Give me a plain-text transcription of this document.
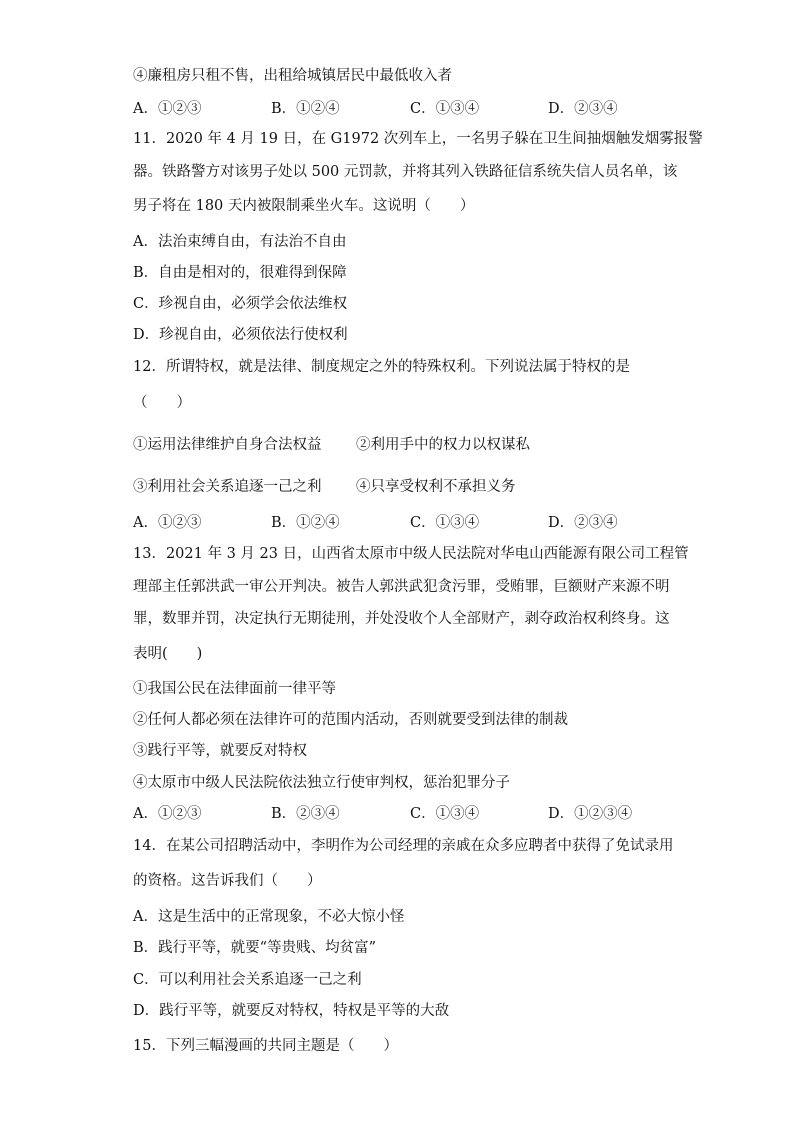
④廉租房只租不售，出租给城镇居民中最低收入者
A．①②③	B．①②④	C．①③④	D．②③④
11．2020 年 4 月 19 日，在 G1972 次列车上，一名男子躲在卫生间抽烟触发烟雾报警
器。铁路警方对该男子处以 500 元罚款，并将其列入铁路征信系统失信人员名单，该
男子将在 180 天内被限制乘坐火车。这说明（　　）
A．法治束缚自由，有法治不自由
B．自由是相对的，很难得到保障
C．珍视自由，必须学会依法维权
D．珍视自由，必须依法行使权利
12．所谓特权，就是法律、制度规定之外的特殊权利。下列说法属于特权的是
（　　）
①运用法律维护自身合法权益 ②利用手中的权力以权谋私
③利用社会关系追逐一己之利 ④只享受权利不承担义务
A．①②③	B．①②④	C．①③④	D．②③④
13．2021 年 3 月 23 日，山西省太原市中级人民法院对华电山西能源有限公司工程管
理部主任郭洪武一审公开判决。被告人郭洪武犯贪污罪，受贿罪，巨额财产来源不明
罪，数罪并罚，决定执行无期徒刑，并处没收个人全部财产，剥夺政治权利终身。这
表明(　　)
①我国公民在法律面前一律平等
②任何人都必须在法律许可的范围内活动，否则就要受到法律的制裁
③践行平等，就要反对特权
④太原市中级人民法院依法独立行使审判权，惩治犯罪分子
A．①②③	B．②③④	C．①③④	D．①②③④
14．在某公司招聘活动中，李明作为公司经理的亲戚在众多应聘者中获得了免试录用
的资格。这告诉我们（　　）
A．这是生活中的正常现象，不必大惊小怪
B．践行平等，就要“等贵贱、均贫富”
C．可以利用社会关系追逐一己之利
D．践行平等，就要反对特权，特权是平等的大敌
15．下列三幅漫画的共同主题是（　　）
